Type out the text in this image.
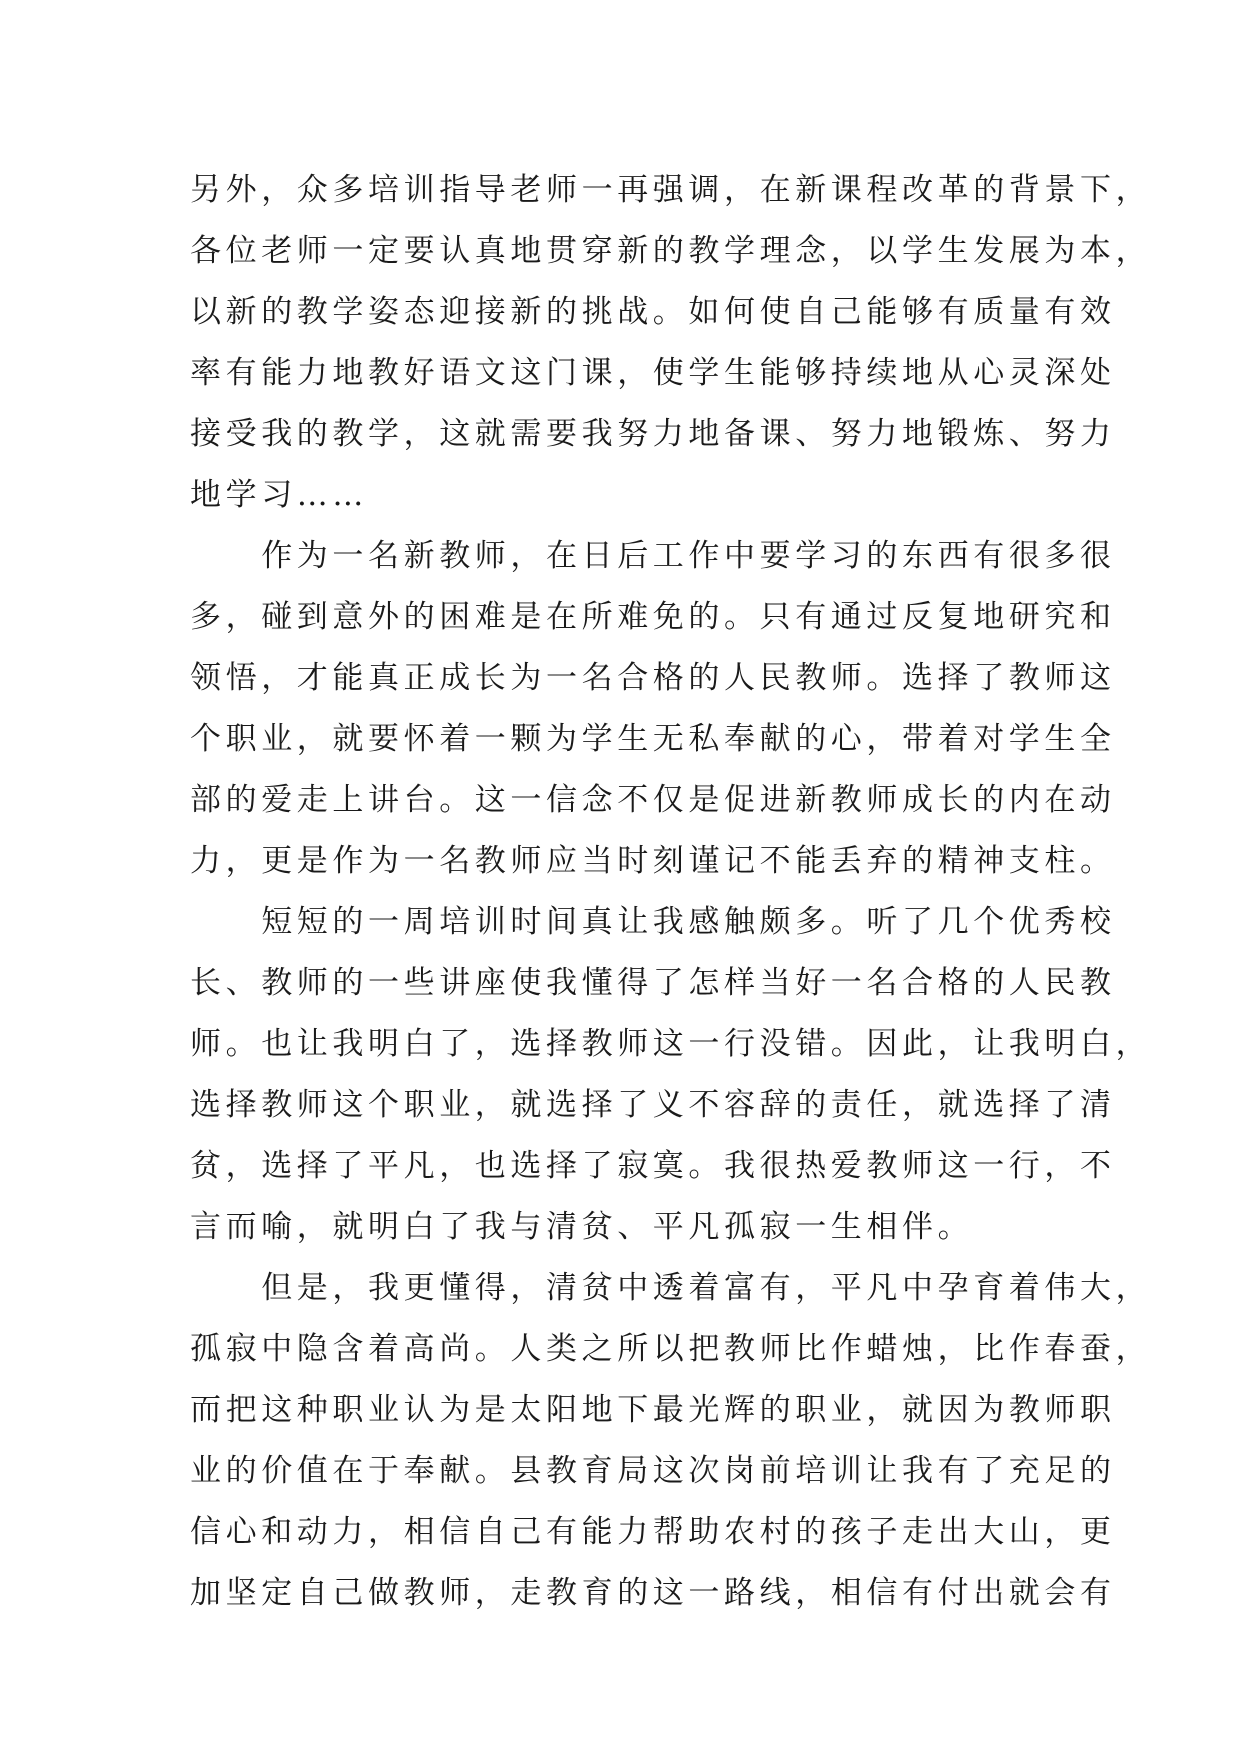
另外，众多培训指导老师一再强调，在新课程改革的背景下，
各位老师一定要认真地贯穿新的教学理念，以学生发展为本，
以新的教学姿态迎接新的挑战。如何使自己能够有质量有效
率有能力地教好语文这门课，使学生能够持续地从心灵深处
接受我的教学，这就需要我努力地备课、努力地锻炼、努力
地学习……
　　作为一名新教师，在日后工作中要学习的东西有很多很
多，碰到意外的困难是在所难免的。只有通过反复地研究和
领悟，才能真正成长为一名合格的人民教师。选择了教师这
个职业，就要怀着一颗为学生无私奉献的心，带着对学生全
部的爱走上讲台。这一信念不仅是促进新教师成长的内在动
力，更是作为一名教师应当时刻谨记不能丢弃的精神支柱。
　　短短的一周培训时间真让我感触颇多。听了几个优秀校
长、教师的一些讲座使我懂得了怎样当好一名合格的人民教
师。也让我明白了，选择教师这一行没错。因此，让我明白，
选择教师这个职业，就选择了义不容辞的责任，就选择了清
贫，选择了平凡，也选择了寂寞。我很热爱教师这一行，不
言而喻，就明白了我与清贫、平凡孤寂一生相伴。
　　但是，我更懂得，清贫中透着富有，平凡中孕育着伟大，
孤寂中隐含着高尚。人类之所以把教师比作蜡烛，比作春蚕，
而把这种职业认为是太阳地下最光辉的职业，就因为教师职
业的价值在于奉献。县教育局这次岗前培训让我有了充足的
信心和动力，相信自己有能力帮助农村的孩子走出大山，更
加坚定自己做教师，走教育的这一路线，相信有付出就会有
